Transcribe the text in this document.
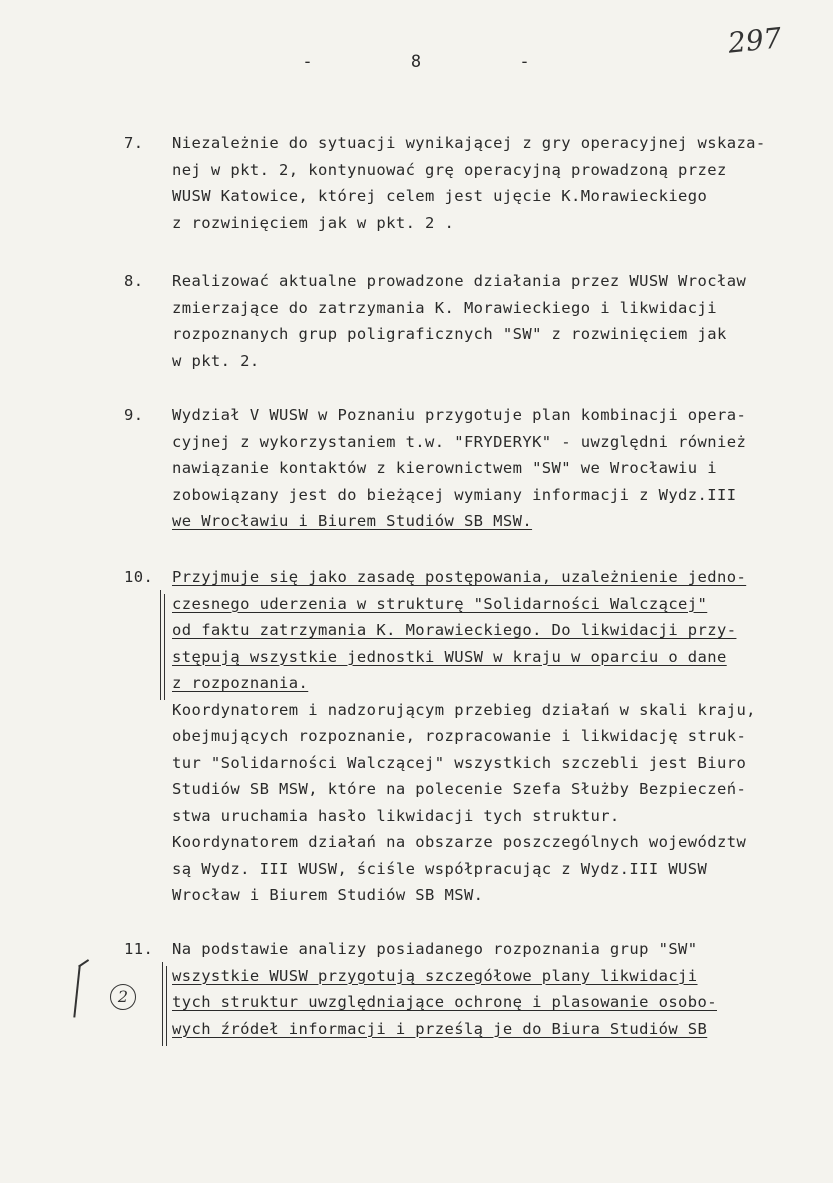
-	8	-
297
7.	Niezależnie do sytuacji wynikającej z gry operacyjnej wskaza-
nej w pkt. 2, kontynuować grę operacyjną prowadzoną przez
WUSW Katowice, której celem jest ujęcie K.Morawieckiego
z rozwinięciem jak w pkt. 2 .
8.	Realizować aktualne prowadzone działania przez WUSW Wrocław
zmierzające do zatrzymania K. Morawieckiego i likwidacji
rozpoznanych grup poligraficznych "SW" z rozwinięciem jak
w pkt. 2.
9.	Wydział V WUSW w Poznaniu przygotuje plan kombinacji opera-
cyjnej z wykorzystaniem t.w. "FRYDERYK" - uwzględni również
nawiązanie kontaktów z kierownictwem "SW" we Wrocławiu i
zobowiązany jest do bieżącej wymiany informacji z Wydz.III
we Wrocławiu i Biurem Studiów SB MSW.
10.	Przyjmuje się jako zasadę postępowania, uzależnienie jedno-
czesnego uderzenia w strukturę "Solidarności Walczącej"
od faktu zatrzymania K. Morawieckiego. Do likwidacji przy-
stępują wszystkie jednostki WUSW w kraju w oparciu o dane
z rozpoznania.
Koordynatorem i nadzorującym przebieg działań w skali kraju,
obejmujących rozpoznanie, rozpracowanie i likwidację struk-
tur "Solidarności Walczącej" wszystkich szczebli jest Biuro
Studiów SB MSW, które na polecenie Szefa Służby Bezpieczeń-
stwa uruchamia hasło likwidacji tych struktur.
Koordynatorem działań na obszarze poszczególnych województw
są Wydz. III WUSW, ściśle współpracując z Wydz.III WUSW
Wrocław i Biurem Studiów SB MSW.
11.	Na podstawie analizy posiadanego rozpoznania grup "SW"
wszystkie WUSW przygotują szczegółowe plany likwidacji
tych struktur uwzględniające ochronę i plasowanie osobo-
wych źródeł informacji i prześlą je do Biura Studiów SB
2
